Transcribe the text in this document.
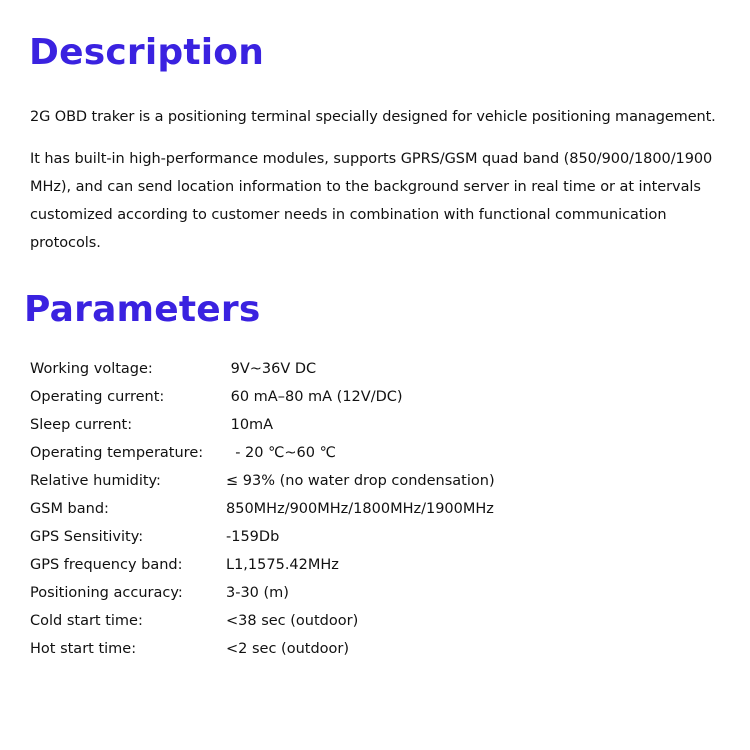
Description

2G OBD traker is a positioning terminal specially designed for vehicle positioning management.

It has built-in high-performance modules, supports GPRS/GSM quad band (850/900/1800/1900 MHz), and can send location information to the background server in real time or at intervals customized according to customer needs in combination with functional communication protocols.

Parameters
Working voltage:	9V~36V DC
Operating current:	60 mA–80 mA (12V/DC)
Sleep current:	10mA
Operating temperature:	- 20 ℃~60 ℃
Relative humidity:	≤ 93% (no water drop condensation)
GSM band:	850MHz/900MHz/1800MHz/1900MHz
GPS Sensitivity:	-159Db
GPS frequency band:	L1,1575.42MHz
Positioning accuracy:	3-30 (m)
Cold start time:	<38 sec (outdoor)
Hot start time:	<2 sec (outdoor)
